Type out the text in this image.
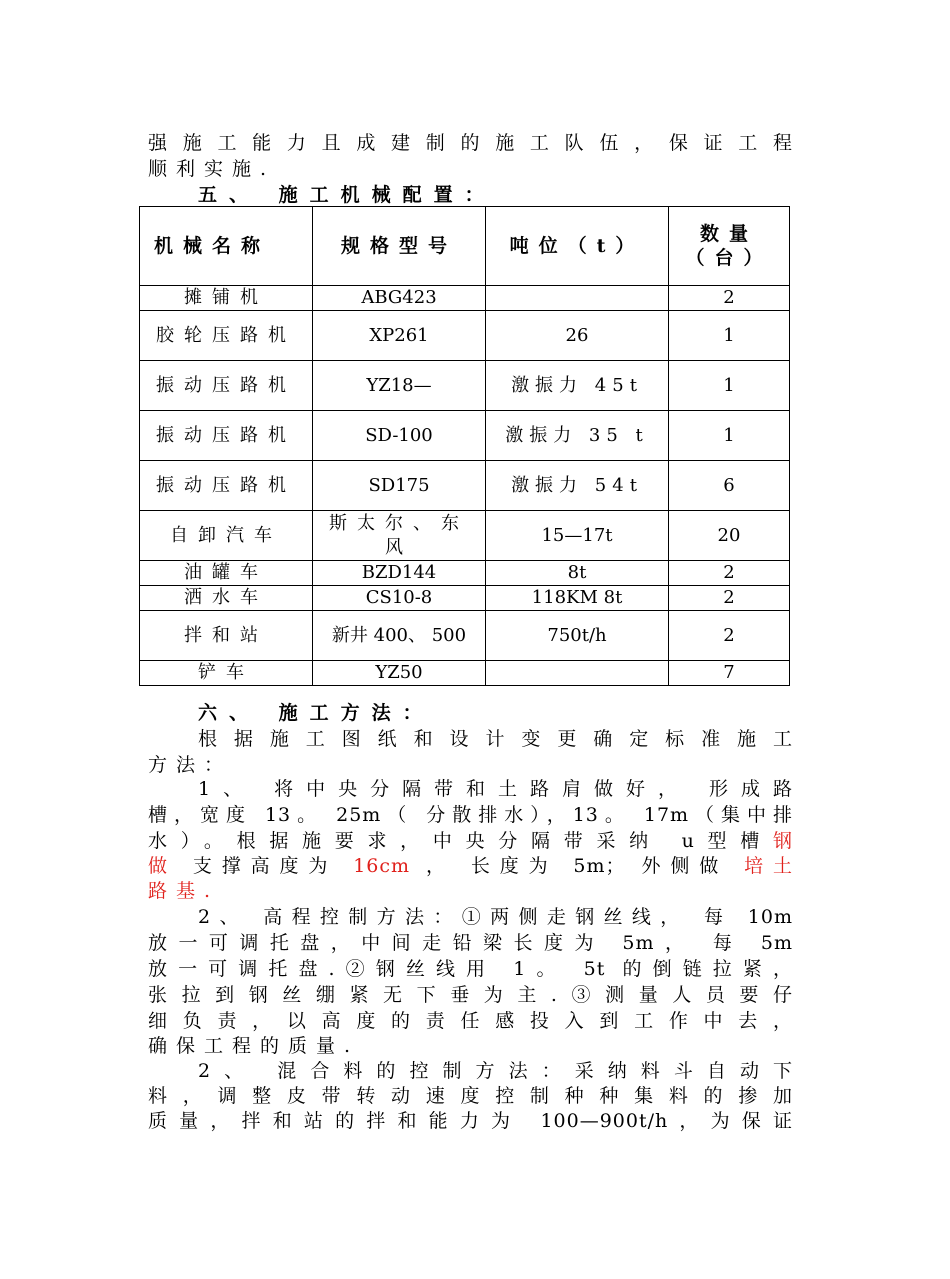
强施工能力且成建制的施工队伍，保证工程
顺利实施.
五、 施工机械配置：
机械名称	规格型号	吨位（t）	数量（台）
摊铺机	ABG423		2
胶轮压路机	XP261	26	1
振动压路机	YZ18—	激振力 45t	1
振动压路机	SD-100	激振力 35 t	1
振动压路机	SD175	激振力 54t	6
自卸汽车	斯太尔、东风	15—17t	20
油罐车	BZD144	8t	2
洒水车	CS10-8	118KM 8t	2
拌和站	新井 400、 500	750t/h	2
铲车	YZ50		7
六、 施工方法：
根据施工图纸和设计变更确定标准施工
方法：
1、 将中央分隔带和土路肩做好， 形成路
槽，宽度 13。 25m（ 分散排水），13。 17m（集中排
水）。根据施要求，中央分隔带采纳 u型槽钢
做 支撑高度为 16cm ， 长度为 5m； 外侧做 培土
路基.
2、 高程控制方法：①两侧走钢丝线， 每 10m
放一可调托盘，中间走铅梁长度为 5m， 每 5m
放一可调托盘.②钢丝线用 1。 5t 的倒链拉紧，
张拉到钢丝绷紧无下垂为主.③测量人员要仔
细负责，以高度的责任感投入到工作中去，
确保工程的质量.
2、 混合料的控制方法：采纳料斗自动下
料，调整皮带转动速度控制种种集料的掺加
质量，拌和站的拌和能力为 100—900t/h，为保证
